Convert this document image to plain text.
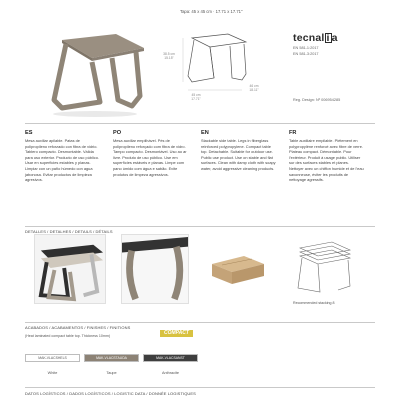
Tapa: 45 x 45 cm · 17.71 x 17.71"
38.5 cm
15.15"
45 cm
17.71"
46 cm
18.11"
tecnal i a
EN 581-1:2017
EN 581-3:2017
Reg. Design: Nº 006954285
ES
Mesa auxiliar apilable. Patas de polipropileno reforzado con fibra de vidrio. Tablero compacto. Desmontable. Válida para uso exterior. Producto de uso público. Usar en superficies estables y planas. Limpiar con un paño húmedo con agua jabonosa. Evitar productos de limpieza agresivos.
PO
Mesa auxiliar empilhável. Pés de polipropileno reforçado com fibra de vidro. Tampo compacto. Desmontável. Uso ao ar livre. Produto de uso público. Use em superfícies estáveis e planas. Limpe com pano úmido com água e sabão. Evite produtos de limpeza agressivos.
EN
Stackable side table. Legs in fiberglass reinforced polypropylene. Compact table top. Detachable. Suitable for outdoor use. Public use product. Use on stable and flat surfaces. Clean with damp cloth with soapy water, avoid aggressive cleaning products.
FR
Table auxiliaire empilable. Piètement en polypropylène renforcé avec fibre de verre. Plateau compact. Démontable. Pour l'extérieur. Produit à usage public. Utiliser sur des surfaces stables et planes. Nettoyer avec un chiffon humide et de l'eau savonneuse, éviter les produits de nettoyage agressifs.
DETALLES / DETALHES / DETAILS / DÉTAILS
Recommended stacking 8
ACABADOS / ACABAMENTOS / FINISHES / FINITIONS
COMPACT
(Heat laminated compact table top. Thickness 10mm)
MAK-VLACSHELS	MAK-VLACSTAUDA	MAK-VLACSANST
White	Taupe	Anthracite
DATOS LOGÍSTICOS / DADOS LOGÍSTICOS / LOGISTIC DATA / DONNÉE LOGISTIQUES
